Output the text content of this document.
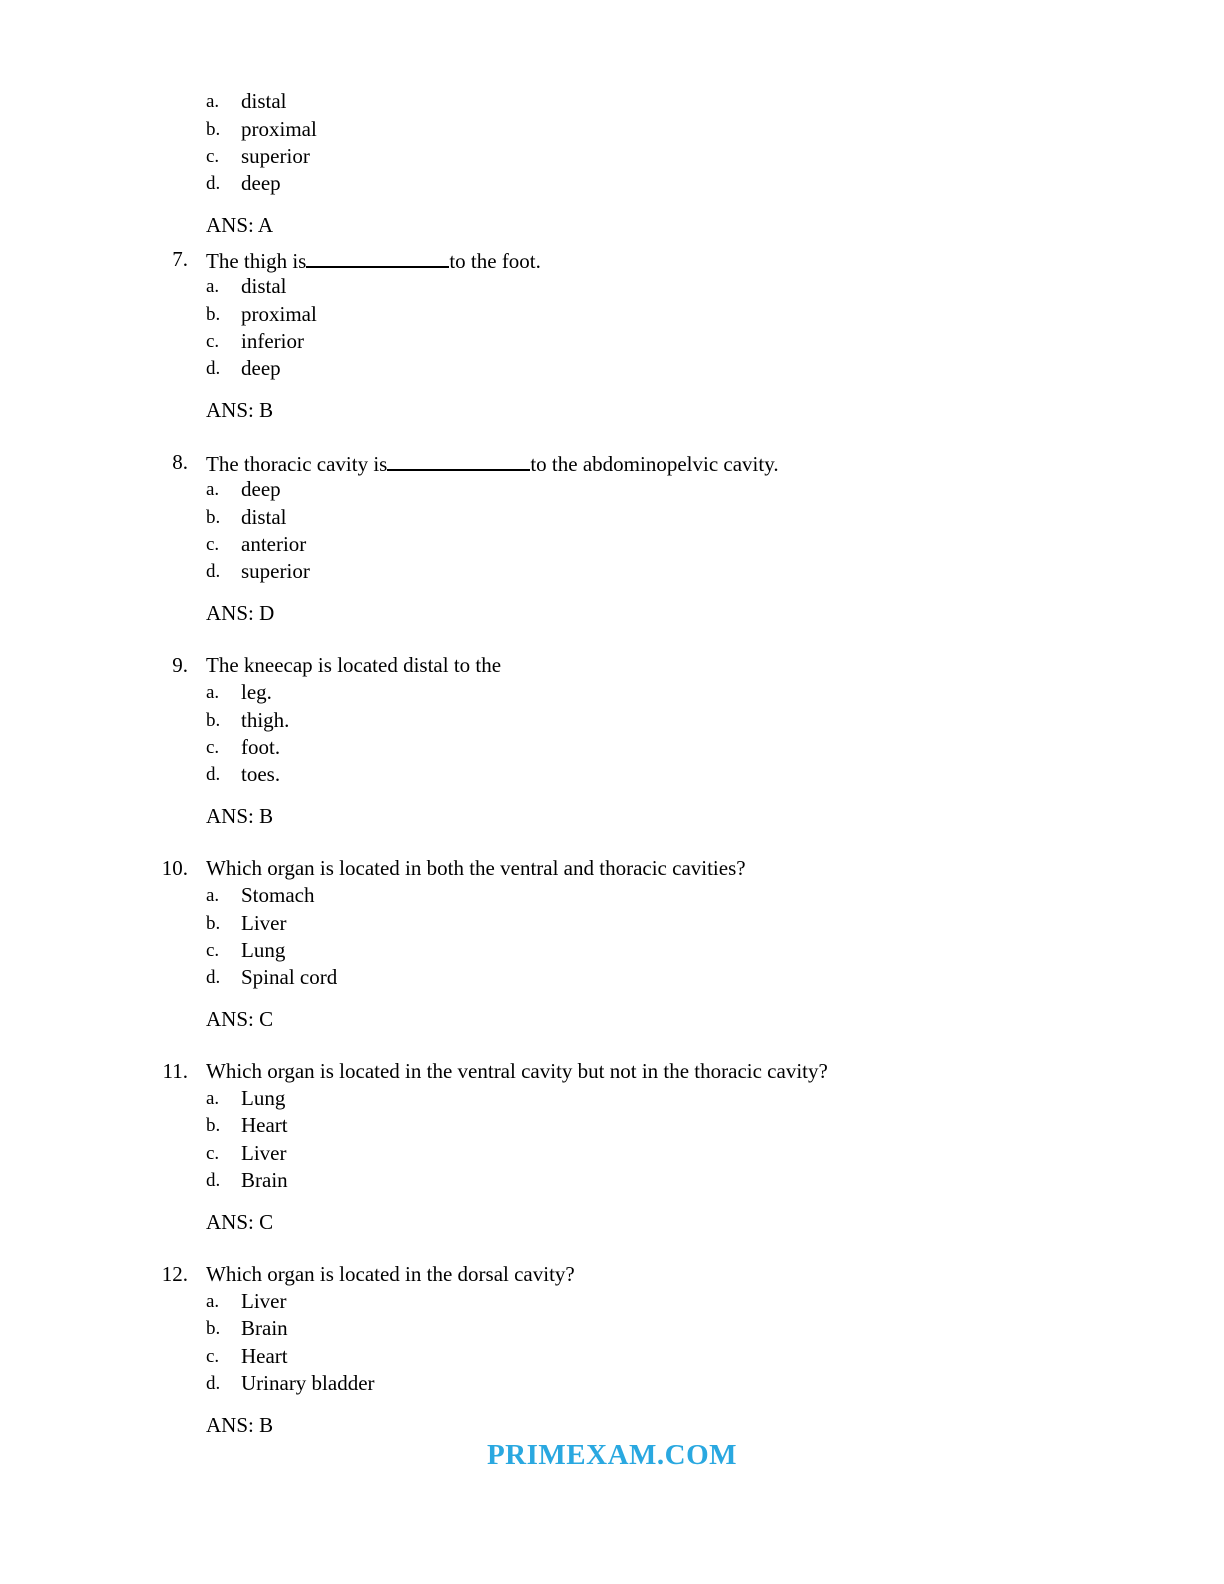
a.	distal
b. proximal
c.	superior
d. deep
ANS: A
7. The thigh is	to the foot.
a.	distal
b. proximal
c.	inferior
d. deep
ANS: B
8. The thoracic cavity is	to the abdominopelvic cavity.
a.	deep
b. distal
c.	anterior
d. superior
ANS: D
9. The kneecap is located distal to the
a.	leg.
b. thigh.
c.	foot.
d. toes.
ANS: B
10. Which organ is located in both the ventral and thoracic cavities?
a.	Stomach
b. Liver
c.	Lung
d. Spinal cord
ANS: C
11. Which organ is located in the ventral cavity but not in the thoracic cavity?
a.	Lung
b. Heart
c.	Liver
d. Brain
ANS: C
12. Which organ is located in the dorsal cavity?
a.	Liver
b. Brain
c.	Heart
d. Urinary bladder
ANS: B
PRIMEXAM.COM
